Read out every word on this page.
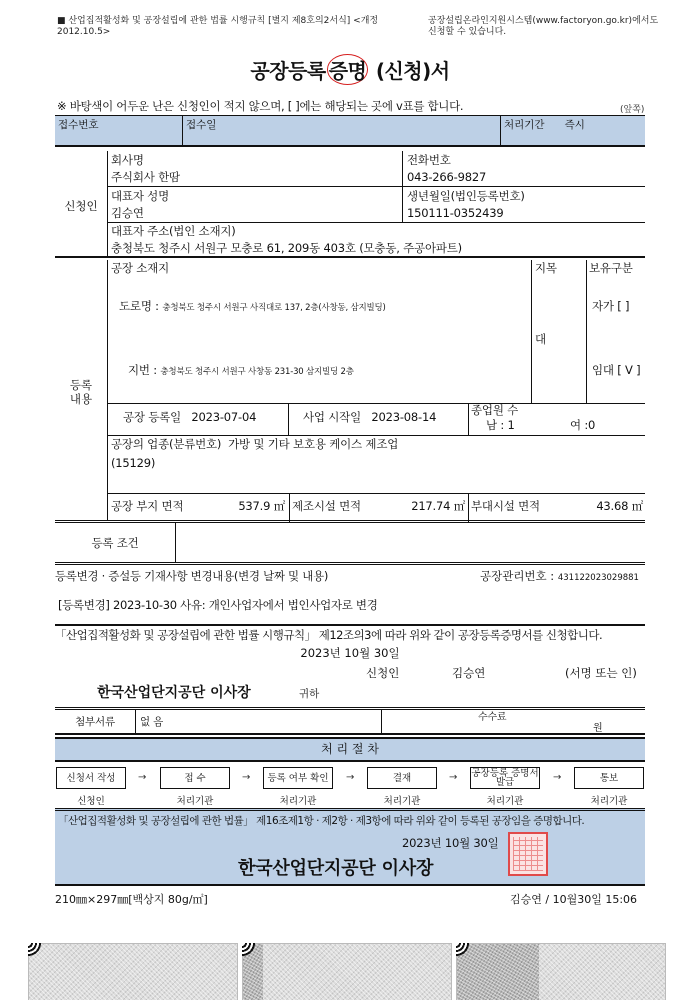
■ 산업집적활성화 및 공장설립에 관한 법률 시행규칙 [별지 제8호의2서식] <개정 2012.10.5>
공장설립온라인지원시스템(www.factoryon.go.kr)에서도 신청할 수 있습니다.
공장등록 증명 (신청)서
※ 바탕색이 어두운 난은 신청인이 적지 않으며, [ ]에는 해당되는 곳에 v표를 합니다.	(앞쪽)
접수번호	접수일	처리기간 즉시
신청인
회사명
주식회사 한땀
전화번호
043-266-9827
대표자 성명
김승연
생년월일(법인등록번호)
150111-0352439
대표자 주소(법인 소재지)
충청북도 청주시 서원구 모충로 61, 209동 403호 (모충동, 주공아파트)
등록
내용
공장 소재지
도로명 : 충청북도 청주시 서원구 사직대로 137, 2층(사창동, 삼지빌딩)
지번 : 충청북도 청주시 서원구 사창동 231-30 삼지빌딩 2층
지목
대
보유구분
자가 [ ]
임대 [ V ]
공장 등록일 2023-07-04	사업 시작일 2023-08-14	종업원 수
남 : 1	여 :0
공장의 업종(분류번호) 가방 및 기타 보호용 케이스 제조업
(15129)
공장 부지 면적	537.9 ㎡ 제조시설 면적	217.74 ㎡ 부대시설 면적	43.68 ㎡
등록 조건
등록변경 · 증설등 기재사항 변경내용(변경 날짜 및 내용)	공장관리번호 : 431122023029881
[등록변경] 2023-10-30 사유: 개인사업자에서 법인사업자로 변경
「산업집적활성화 및 공장설립에 관한 법률 시행규칙」 제12조의3에 따라 위와 같이 공장등록증명서를 신청합니다.
2023년 10월 30일
신청인	김승연	(서명 또는 인)
한국산업단지공단 이사장	귀하
첨부서류	없 음	수수료
원
처 리 절 차
신청서 작성	→	접 수	→	등록 여부 확인	→	결재	→ 공장등록 증명서발급	→	통보
신청인	처리기관	처리기관	처리기관	처리기관	처리기관
「산업집적활성화 및 공장설립에 관한 법률」 제16조제1항 · 제2항 · 제3항에 따라 위와 같이 등록된 공장임을 증명합니다.
2023년 10월 30일
한국산업단지공단 이사장
210㎜×297㎜[백상지 80g/㎡]	김승연 / 10월30일 15:06
